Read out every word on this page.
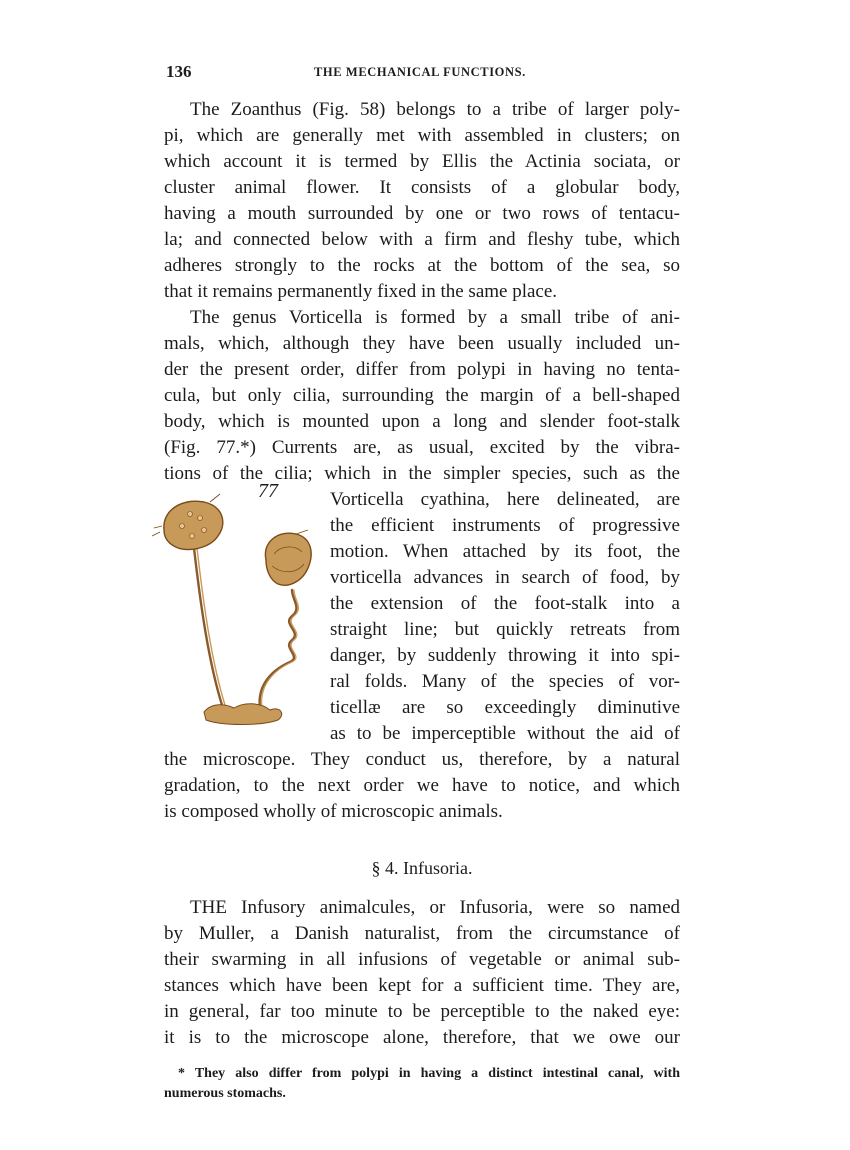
136	THE MECHANICAL FUNCTIONS.
The Zoanthus (Fig. 58) belongs to a tribe of larger poly-
pi, which are generally met with assembled in clusters; on
which account it is termed by Ellis the Actinia sociata, or
cluster animal flower. It consists of a globular body,
having a mouth surrounded by one or two rows of tentacu-
la; and connected below with a firm and fleshy tube, which
adheres strongly to the rocks at the bottom of the sea, so
that it remains permanently fixed in the same place.
The genus Vorticella is formed by a small tribe of ani-
mals, which, although they have been usually included un-
der the present order, differ from polypi in having no tenta-
cula, but only cilia, surrounding the margin of a bell-shaped
body, which is mounted upon a long and slender foot-stalk
(Fig. 77.*) Currents are, as usual, excited by the vibra-
tions of the cilia; which in the simpler species, such as the
77	Vorticella cyathina, here delineated, are
the efficient instruments of progressive
motion. When attached by its foot, the
vorticella advances in search of food, by
the extension of the foot-stalk into a
straight line; but quickly retreats from
danger, by suddenly throwing it into spi-
ral folds. Many of the species of vor-
ticellæ are so exceedingly diminutive
as to be imperceptible without the aid of
the microscope. They conduct us, therefore, by a natural
gradation, to the next order we have to notice, and which
is composed wholly of microscopic animals.
§ 4. Infusoria.
THE Infusory animalcules, or Infusoria, were so named
by Muller, a Danish naturalist, from the circumstance of
their swarming in all infusions of vegetable or animal sub-
stances which have been kept for a sufficient time. They are,
in general, far too minute to be perceptible to the naked eye:
it is to the microscope alone, therefore, that we owe our
* They also differ from polypi in having a distinct intestinal canal, with
numerous stomachs.
